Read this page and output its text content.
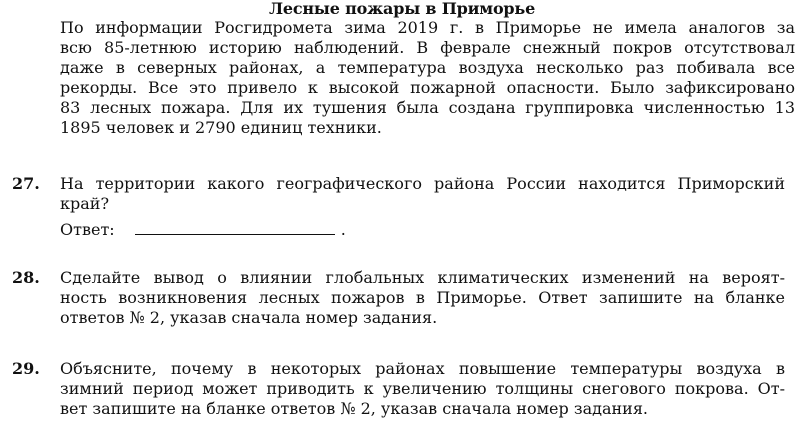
Лесные пожары в Приморье
По информации Росгидромета зима 2019 г. в Приморье не имела аналогов за
всю 85-летнюю историю наблюдений. В феврале снежный покров отсутствовал
даже в северных районах, а температура воздуха несколько раз побивала все
рекорды. Все это привело к высокой пожарной опасности. Было зафиксировано
83 лесных пожара. Для их тушения была создана группировка численностью 13
1895 человек и 2790 единиц техники.
27. На территории какого географического района России находится Приморский
край?
Ответ:	.
28. Сделайте вывод о влиянии глобальных климатических изменений на вероят-
ность возникновения лесных пожаров в Приморье. Ответ запишите на бланке
ответов № 2, указав сначала номер задания.
29. Объясните, почему в некоторых районах повышение температуры воздуха в
зимний период может приводить к увеличению толщины снегового покрова. От-
вет запишите на бланке ответов № 2, указав сначала номер задания.
